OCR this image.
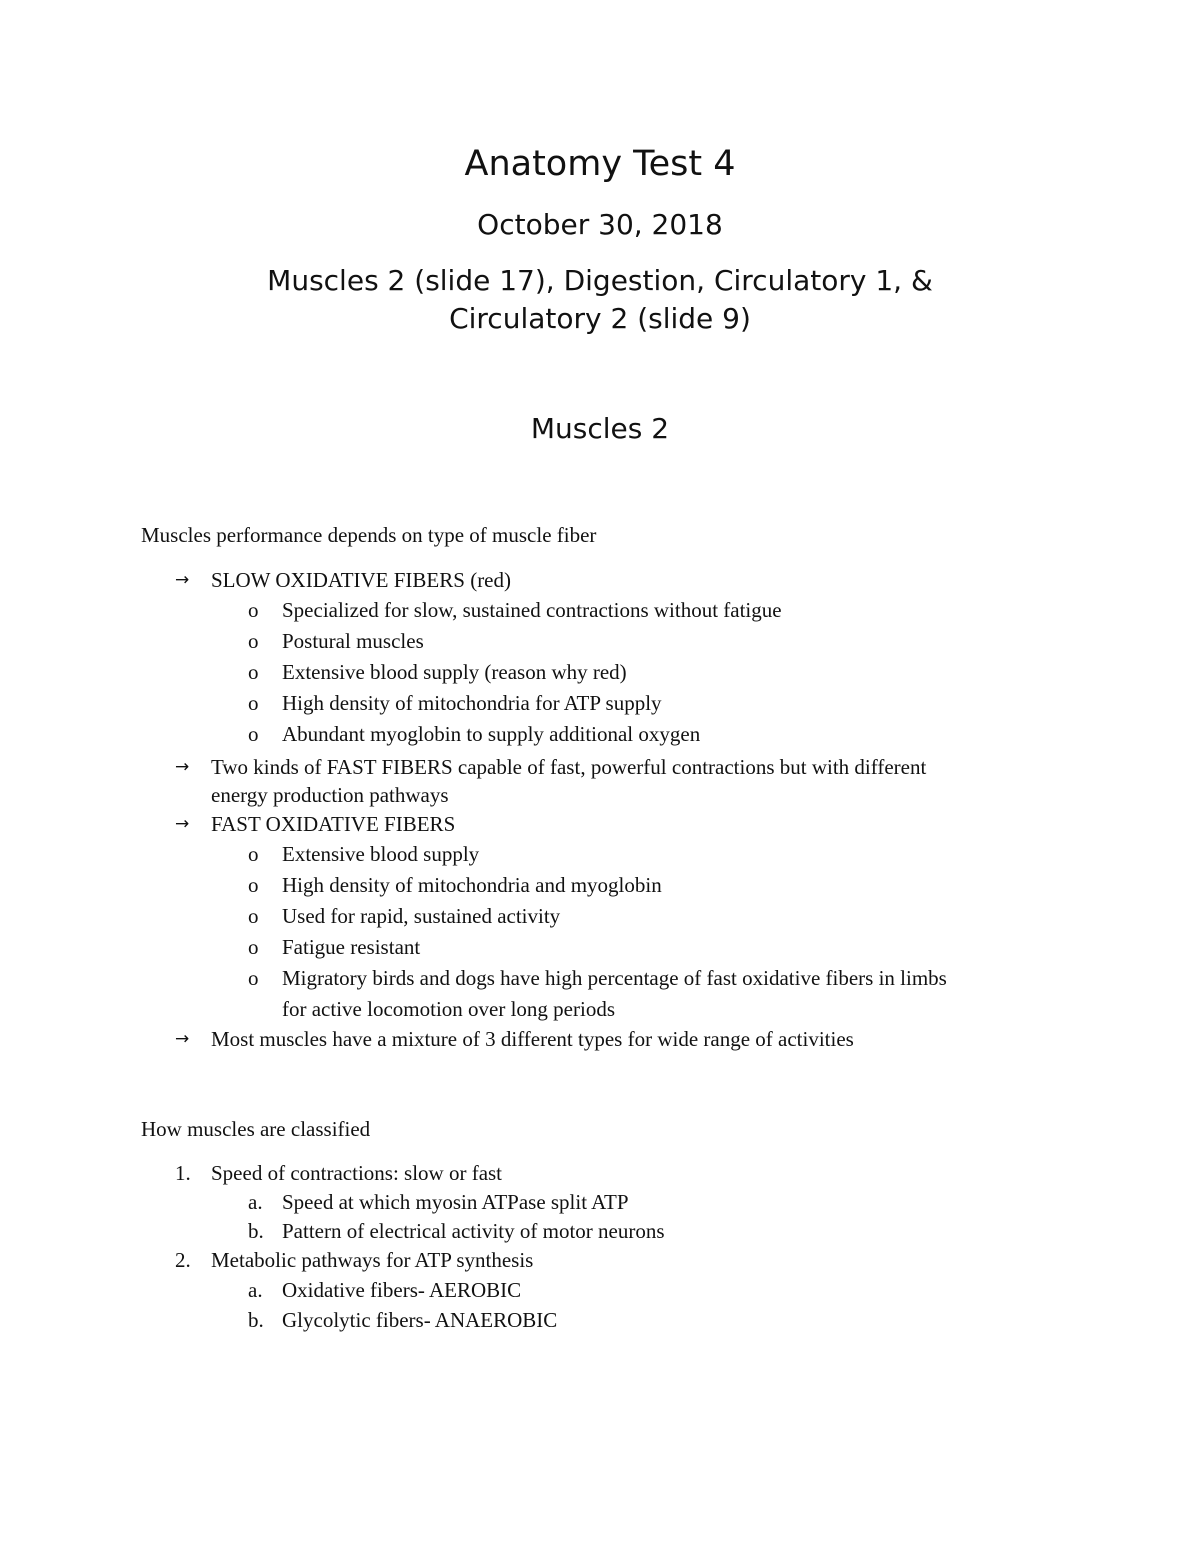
Anatomy Test 4
October 30, 2018
Muscles 2 (slide 17), Digestion, Circulatory 1, &
Circulatory 2 (slide 9)
Muscles 2

Muscles performance depends on type of muscle fiber

→ SLOW OXIDATIVE FIBERS (red)

o Specialized for slow, sustained contractions without fatigue

o Postural muscles

o Extensive blood supply (reason why red)

o High density of mitochondria for ATP supply

o Abundant myoglobin to supply additional oxygen

→ Two kinds of FAST FIBERS capable of fast, powerful contractions but with different

energy production pathways

→ FAST OXIDATIVE FIBERS

o Extensive blood supply

o High density of mitochondria and myoglobin

o Used for rapid, sustained activity

o Fatigue resistant

o Migratory birds and dogs have high percentage of fast oxidative fibers in limbs

for active locomotion over long periods

→ Most muscles have a mixture of 3 different types for wide range of activities

How muscles are classified

1. Speed of contractions: slow or fast

a. Speed at which myosin ATPase split ATP

b. Pattern of electrical activity of motor neurons

2. Metabolic pathways for ATP synthesis

a. Oxidative fibers- AEROBIC

b. Glycolytic fibers- ANAEROBIC
